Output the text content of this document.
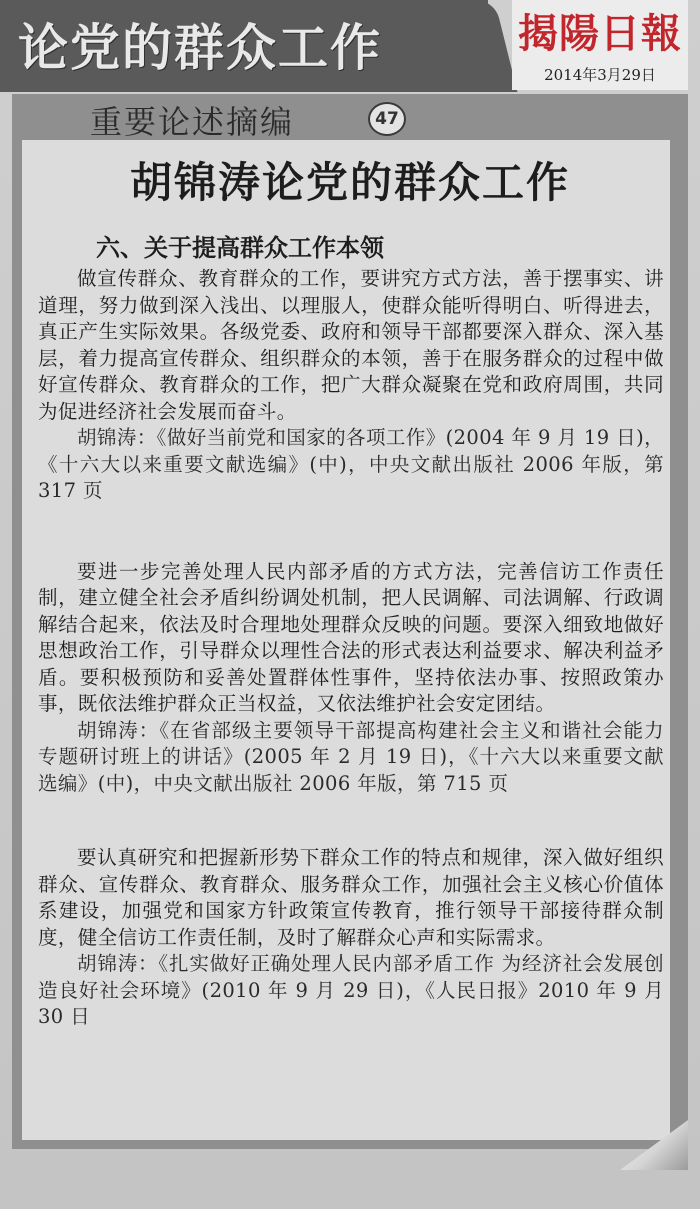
论党的群众工作	揭陽日報
2014年3月29日
重要论述摘编	47
胡锦涛论党的群众工作
六、关于提高群众工作本领

做宣传群众、教育群众的工作，要讲究方式方法，善于摆事实、讲道理，努力做到深入浅出、以理服人，使群众能听得明白、听得进去，真正产生实际效果。各级党委、政府和领导干部都要深入群众、深入基层，着力提高宣传群众、组织群众的本领，善于在服务群众的过程中做好宣传群众、教育群众的工作，把广大群众凝聚在党和政府周围，共同为促进经济社会发展而奋斗。

胡锦涛：《做好当前党和国家的各项工作》(2004 年 9 月 19 日)，《十六大以来重要文献选编》(中)，中央文献出版社 2006 年版，第 317 页

要进一步完善处理人民内部矛盾的方式方法，完善信访工作责任制，建立健全社会矛盾纠纷调处机制，把人民调解、司法调解、行政调解结合起来，依法及时合理地处理群众反映的问题。要深入细致地做好思想政治工作，引导群众以理性合法的形式表达利益要求、解决利益矛盾。要积极预防和妥善处置群体性事件，坚持依法办事、按照政策办事，既依法维护群众正当权益，又依法维护社会安定团结。

胡锦涛：《在省部级主要领导干部提高构建社会主义和谐社会能力专题研讨班上的讲话》(2005 年 2 月 19 日)，《十六大以来重要文献选编》(中)，中央文献出版社 2006 年版，第 715 页

要认真研究和把握新形势下群众工作的特点和规律，深入做好组织群众、宣传群众、教育群众、服务群众工作，加强社会主义核心价值体系建设，加强党和国家方针政策宣传教育，推行领导干部接待群众制度，健全信访工作责任制，及时了解群众心声和实际需求。

胡锦涛：《扎实做好正确处理人民内部矛盾工作 为经济社会发展创造良好社会环境》(2010 年 9 月 29 日)，《人民日报》2010 年 9 月 30 日
